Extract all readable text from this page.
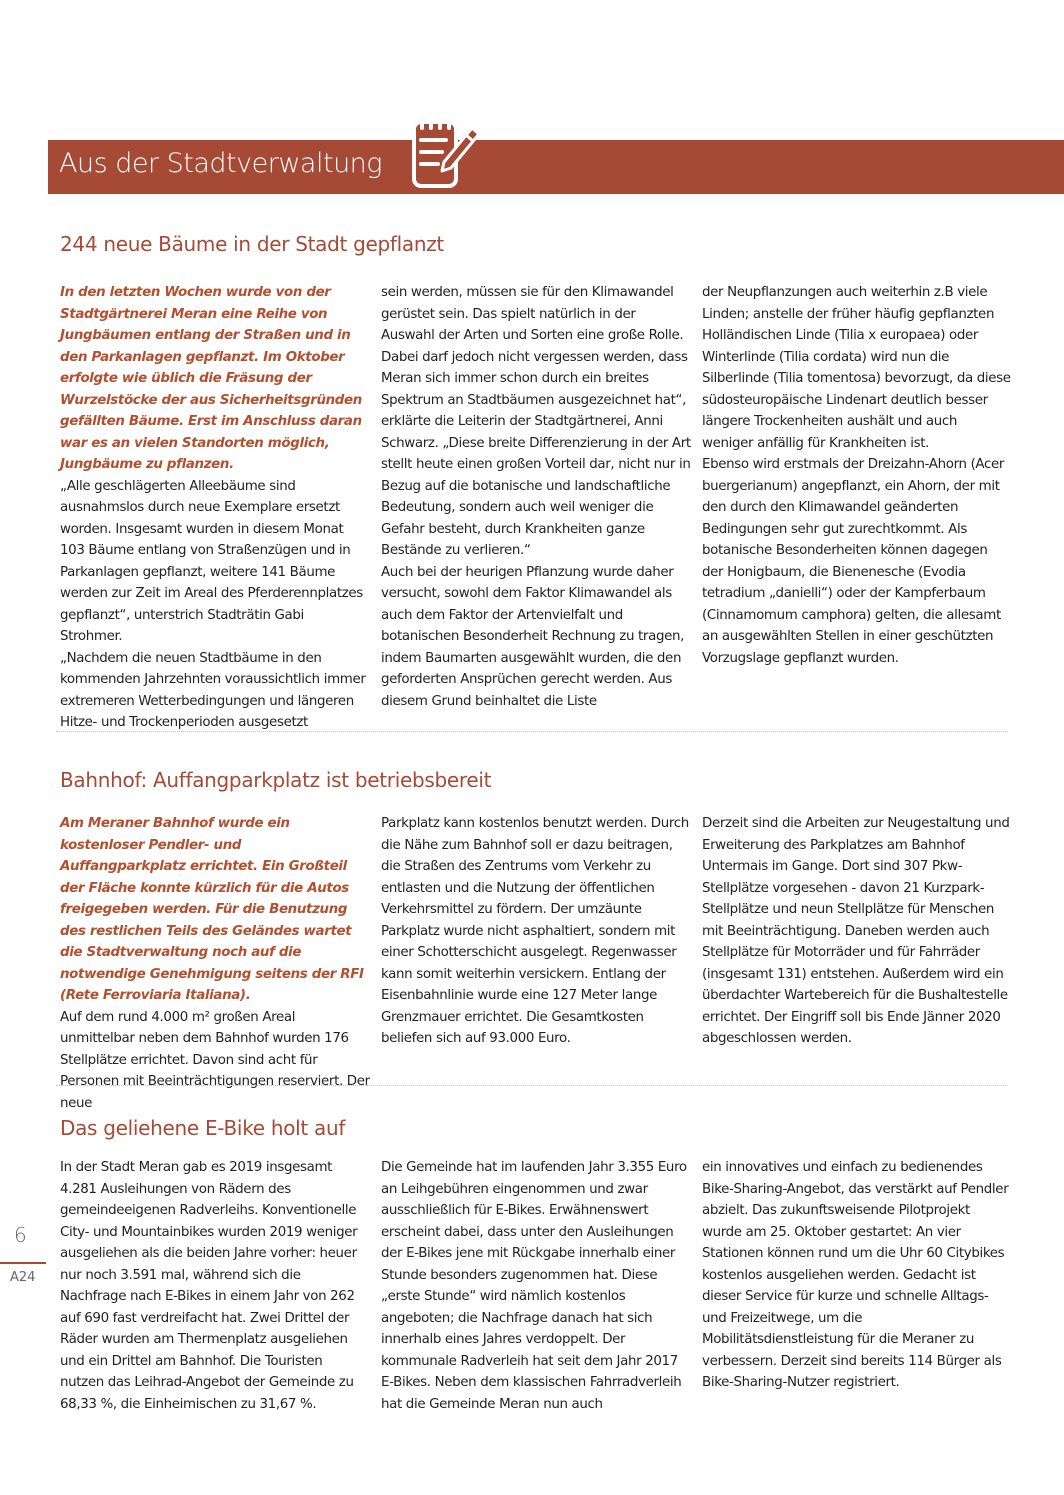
Aus der Stadtverwaltung
244 neue Bäume in der Stadt gepflanzt

In den letzten Wochen wurde von der Stadtgärtnerei Meran eine Reihe von Jungbäumen entlang der Straßen und in den Parkanlagen gepflanzt. Im Oktober erfolgte wie üblich die Fräsung der Wurzelstöcke der aus Sicherheitsgründen gefällten Bäume. Erst im Anschluss daran war es an vielen Standorten möglich, Jungbäume zu pflanzen.

„Alle geschlägerten Alleebäume sind ausnahmslos durch neue Exemplare ersetzt worden. Insgesamt wurden in diesem Monat 103 Bäume entlang von Straßenzügen und in Parkanlagen gepflanzt, weitere 141 Bäume werden zur Zeit im Areal des Pferderennplatzes gepflanzt“, unterstrich Stadträtin Gabi Strohmer.

„Nachdem die neuen Stadtbäume in den kommenden Jahrzehnten voraussichtlich immer extremeren Wetterbedingungen und längeren Hitze- und Trockenperioden ausgesetzt

sein werden, müssen sie für den Klimawandel gerüstet sein. Das spielt natürlich in der Auswahl der Arten und Sorten eine große Rolle. Dabei darf jedoch nicht vergessen werden, dass Meran sich immer schon durch ein breites Spektrum an Stadtbäumen ausgezeichnet hat“, erklärte die Leiterin der Stadtgärtnerei, Anni Schwarz. „Diese breite Differenzierung in der Art stellt heute einen großen Vorteil dar, nicht nur in Bezug auf die botanische und landschaftliche Bedeutung, sondern auch weil weniger die Gefahr besteht, durch Krankheiten ganze Bestände zu verlieren.“

Auch bei der heurigen Pflanzung wurde daher versucht, sowohl dem Faktor Klimawandel als auch dem Faktor der Artenvielfalt und botanischen Besonderheit Rechnung zu tragen, indem Baumarten ausgewählt wurden, die den geforderten Ansprüchen gerecht werden. Aus diesem Grund beinhaltet die Liste

der Neupflanzungen auch weiterhin z.B viele Linden; anstelle der früher häufig gepflanzten Holländischen Linde (Tilia x europaea) oder Winterlinde (Tilia cordata) wird nun die Silberlinde (Tilia tomentosa) bevorzugt, da diese südosteuropäische Lindenart deutlich besser längere Trockenheiten aushält und auch weniger anfällig für Krankheiten ist.

Ebenso wird erstmals der Dreizahn-Ahorn (Acer buergerianum) angepflanzt, ein Ahorn, der mit den durch den Klimawandel geänderten Bedingungen sehr gut zurechtkommt. Als botanische Besonderheiten können dagegen der Honigbaum, die Bienenesche (Evodia tetradium „danielli“) oder der Kampferbaum (Cinnamomum camphora) gelten, die allesamt an ausgewählten Stellen in einer geschützten Vorzugslage gepflanzt wurden.

Bahnhof: Auffangparkplatz ist betriebsbereit

Am Meraner Bahnhof wurde ein kostenloser Pendler- und Auffangparkplatz errichtet. Ein Großteil der Fläche konnte kürzlich für die Autos freigegeben werden. Für die Benutzung des restlichen Teils des Geländes wartet die Stadtverwaltung noch auf die notwendige Genehmigung seitens der RFI (Rete Ferroviaria Italiana).

Auf dem rund 4.000 m² großen Areal unmittelbar neben dem Bahnhof wurden 176 Stellplätze errichtet. Davon sind acht für Personen mit Beeinträchtigungen reserviert. Der neue

Parkplatz kann kostenlos benutzt werden. Durch die Nähe zum Bahnhof soll er dazu beitragen, die Straßen des Zentrums vom Verkehr zu entlasten und die Nutzung der öffentlichen Verkehrsmittel zu fördern. Der umzäunte Parkplatz wurde nicht asphaltiert, sondern mit einer Schotterschicht ausgelegt. Regenwasser kann somit weiterhin versickern. Entlang der Eisenbahnlinie wurde eine 127 Meter lange Grenzmauer errichtet. Die Gesamtkosten beliefen sich auf 93.000 Euro.

Derzeit sind die Arbeiten zur Neugestaltung und Erweiterung des Parkplatzes am Bahnhof Untermais im Gange. Dort sind 307 Pkw-Stellplätze vorgesehen - davon 21 Kurzpark-Stellplätze und neun Stellplätze für Menschen mit Beeinträchtigung. Daneben werden auch Stellplätze für Motorräder und für Fahrräder (insgesamt 131) entstehen. Außerdem wird ein überdachter Wartebereich für die Bushaltestelle errichtet. Der Eingriff soll bis Ende Jänner 2020 abgeschlossen werden.

Das geliehene E-Bike holt auf

In der Stadt Meran gab es 2019 insgesamt 4.281 Ausleihungen von Rädern des gemeindeeigenen Radverleihs. Konventionelle City- und Mountainbikes wurden 2019 weniger ausgeliehen als die beiden Jahre vorher: heuer nur noch 3.591 mal, während sich die Nachfrage nach E-Bikes in einem Jahr von 262 auf 690 fast verdreifacht hat. Zwei Drittel der Räder wurden am Thermenplatz ausgeliehen und ein Drittel am Bahnhof. Die Touristen nutzen das Leihrad-Angebot der Gemeinde zu 68,33 %, die Einheimischen zu 31,67 %.

Die Gemeinde hat im laufenden Jahr 3.355 Euro an Leihgebühren eingenommen und zwar ausschließlich für E-Bikes. Erwähnenswert erscheint dabei, dass unter den Ausleihungen der E-Bikes jene mit Rückgabe innerhalb einer Stunde besonders zugenommen hat. Diese „erste Stunde“ wird nämlich kostenlos angeboten; die Nachfrage danach hat sich innerhalb eines Jahres verdoppelt. Der kommunale Radverleih hat seit dem Jahr 2017 E-Bikes. Neben dem klassischen Fahrradverleih hat die Gemeinde Meran nun auch

ein innovatives und einfach zu bedienendes Bike-Sharing-Angebot, das verstärkt auf Pendler abzielt. Das zukunftsweisende Pilotprojekt wurde am 25. Oktober gestartet: An vier Stationen können rund um die Uhr 60 Citybikes kostenlos ausgeliehen werden. Gedacht ist dieser Service für kurze und schnelle Alltags- und Freizeitwege, um die Mobilitätsdienstleistung für die Meraner zu verbessern. Derzeit sind bereits 114 Bürger als Bike-Sharing-Nutzer registriert.

6
A24
